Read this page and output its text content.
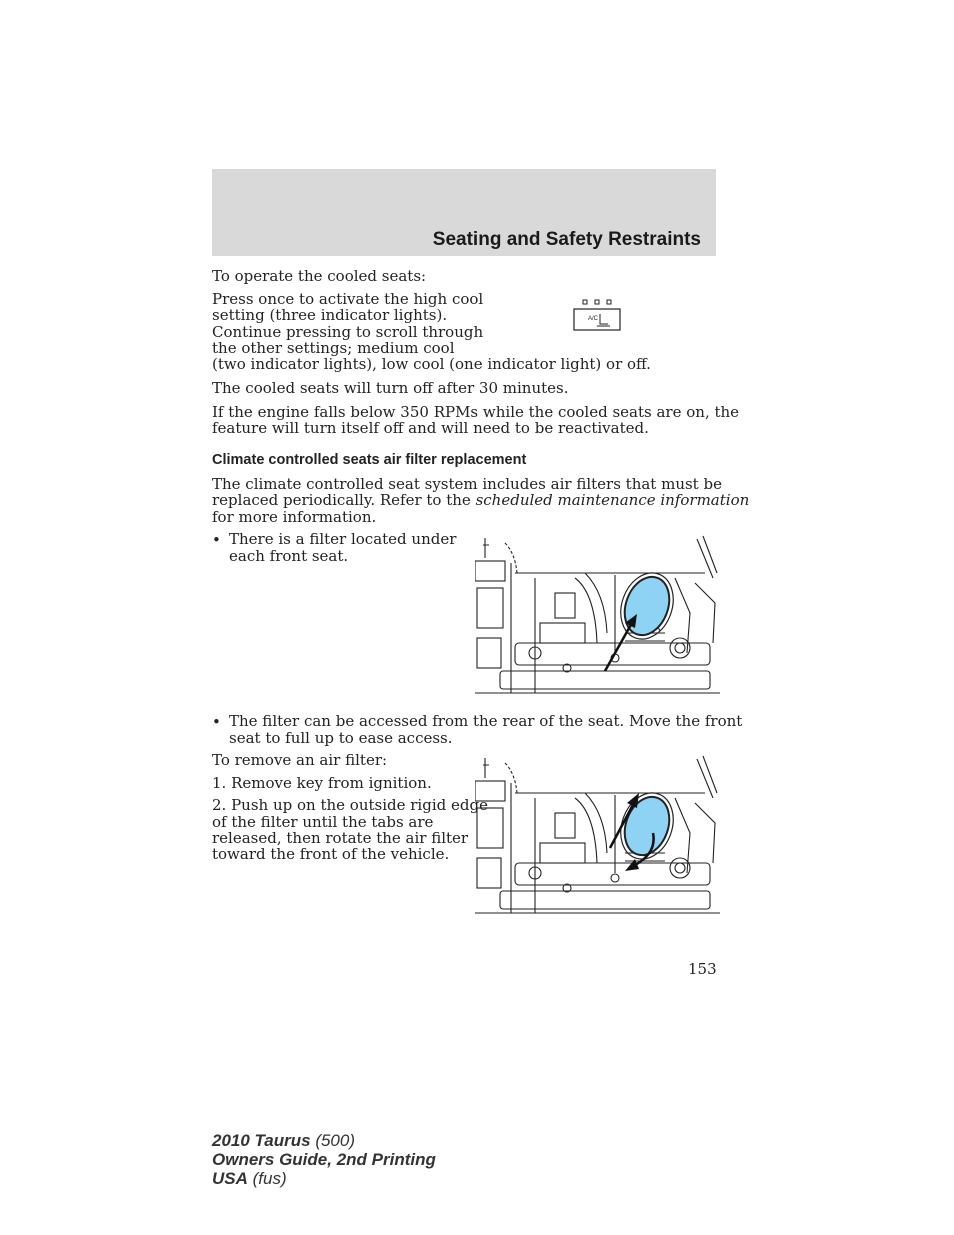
Seating and Safety Restraints
To operate the cooled seats:
Press once to activate the high cool
setting (three indicator lights).
Continue pressing to scroll through
the other settings; medium cool
(two indicator lights), low cool (one indicator light) or off.
A/C
The cooled seats will turn off after 30 minutes.
If the engine falls below 350 RPMs while the cooled seats are on, the
feature will turn itself off and will need to be reactivated.
Climate controlled seats air filter replacement
The climate controlled seat system includes air filters that must be
replaced periodically. Refer to the scheduled maintenance information
for more information.
• There is a filter located under
each front seat.
• The filter can be accessed from the rear of the seat. Move the front
seat to full up to ease access.
To remove an air filter:
1. Remove key from ignition.
2. Push up on the outside rigid edge
of the filter until the tabs are
released, then rotate the air filter
toward the front of the vehicle.
153
2010 Taurus (500)
Owners Guide, 2nd Printing
USA (fus)
